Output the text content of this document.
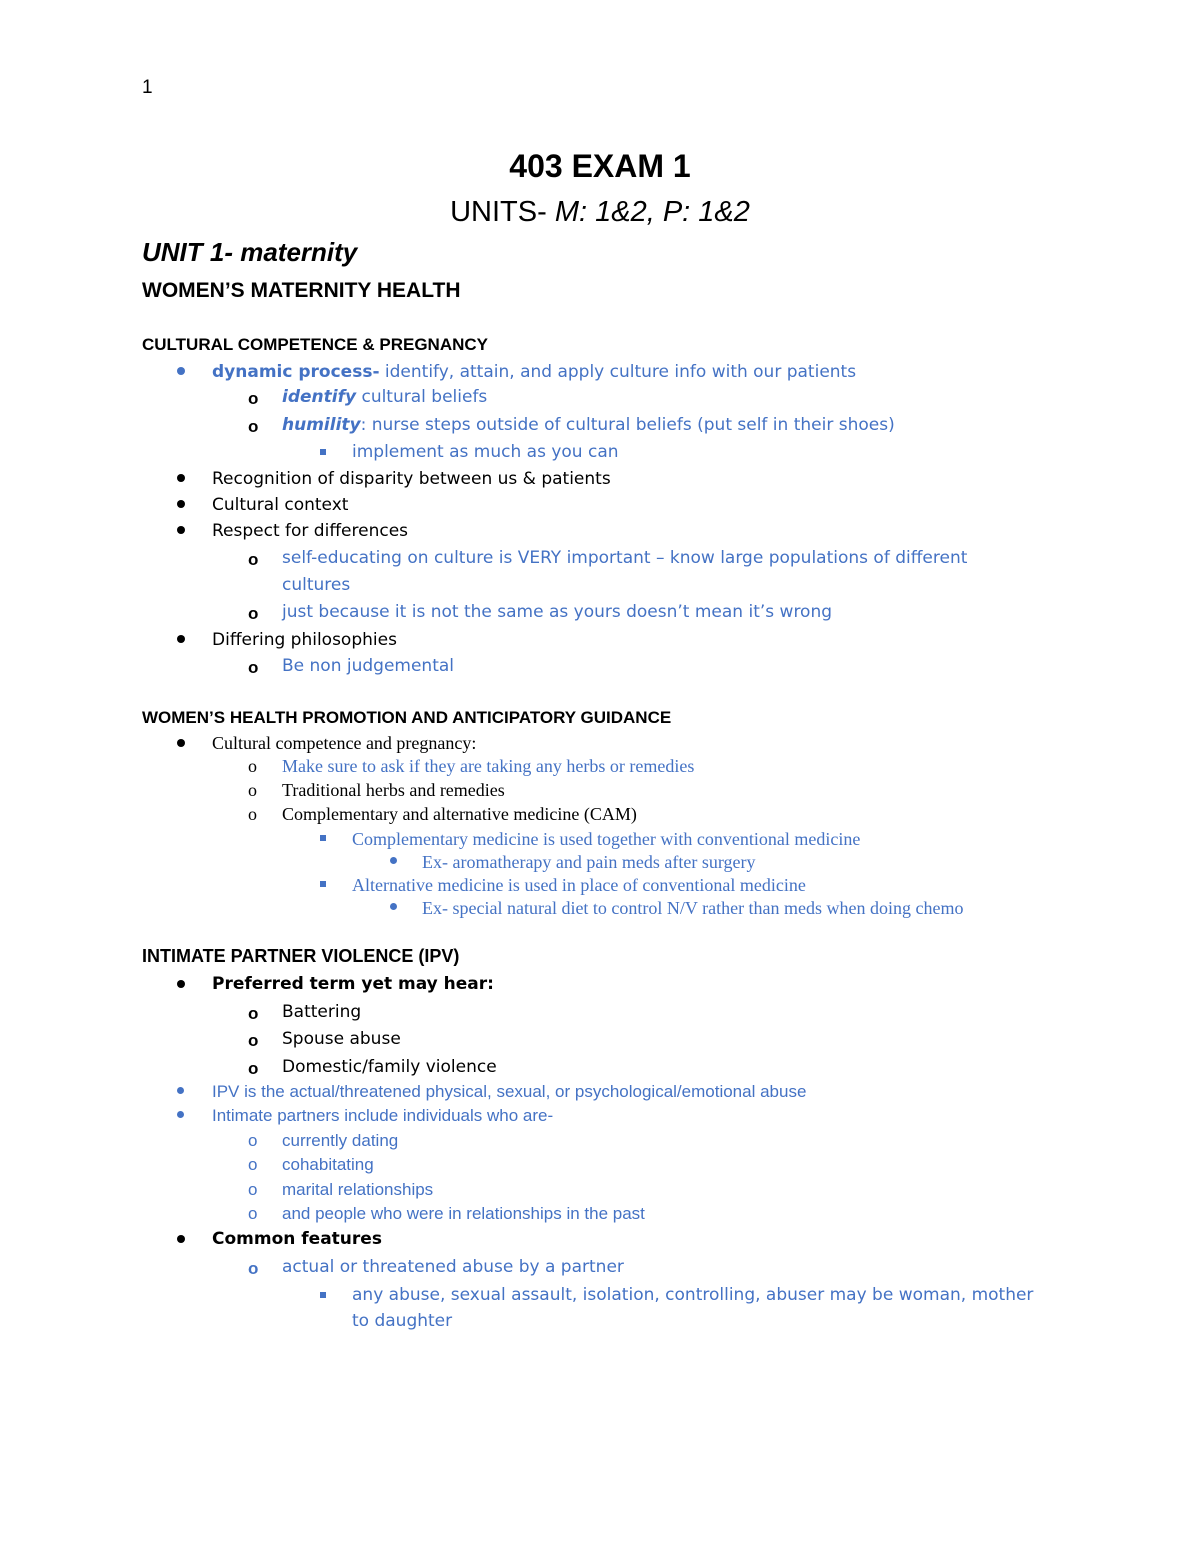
1
403 EXAM 1
UNITS- M: 1&2, P: 1&2
UNIT 1- maternity
WOMEN’S MATERNITY HEALTH
CULTURAL COMPETENCE & PREGNANCY
dynamic process- identify, attain, and apply culture info with our patients
o identify cultural beliefs
o humility: nurse steps outside of cultural beliefs (put self in their shoes)
implement as much as you can
Recognition of disparity between us & patients
Cultural context
Respect for differences
o self-educating on culture is VERY important – know large populations of different
cultures
o just because it is not the same as yours doesn’t mean it’s wrong
Differing philosophies
o Be non judgemental
WOMEN’S HEALTH PROMOTION AND ANTICIPATORY GUIDANCE
Cultural competence and pregnancy:
o Make sure to ask if they are taking any herbs or remedies
o Traditional herbs and remedies
o Complementary and alternative medicine (CAM)
Complementary medicine is used together with conventional medicine
Ex- aromatherapy and pain meds after surgery
Alternative medicine is used in place of conventional medicine
Ex- special natural diet to control N/V rather than meds when doing chemo
INTIMATE PARTNER VIOLENCE (IPV)
Preferred term yet may hear:
o Battering
o Spouse abuse
o Domestic/family violence
IPV is the actual/threatened physical, sexual, or psychological/emotional abuse
Intimate partners include individuals who are-
o currently dating
o cohabitating
o marital relationships
o and people who were in relationships in the past
Common features
o actual or threatened abuse by a partner
any abuse, sexual assault, isolation, controlling, abuser may be woman, mother
to daughter
